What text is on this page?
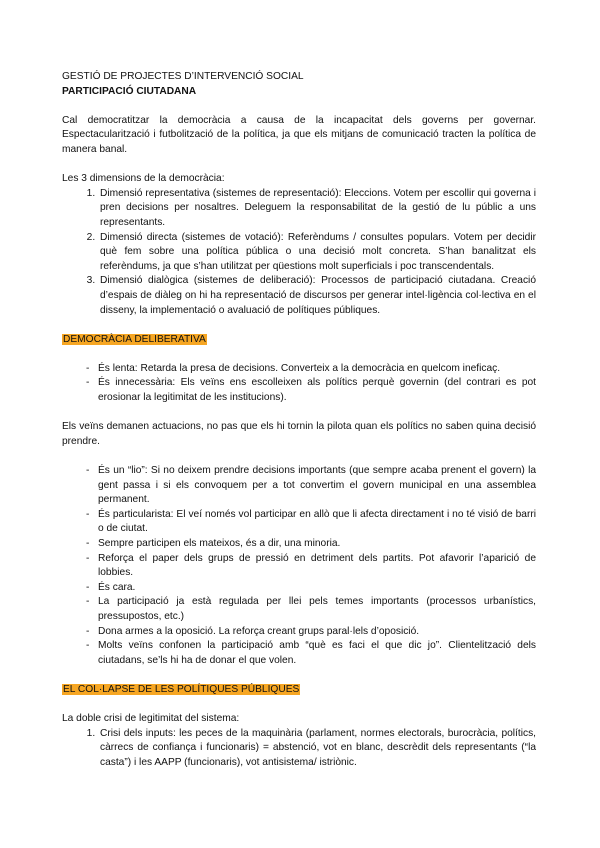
GESTIÓ DE PROJECTES D’INTERVENCIÓ SOCIAL

PARTICIPACIÓ CIUTADANA

Cal democratitzar la democràcia a causa de la incapacitat dels governs per governar. Espectacularització i futbolització de la política, ja que els mitjans de comunicació tracten la política de manera banal.

Les 3 dimensions de la democràcia:

1. Dimensió representativa (sistemes de representació): Eleccions. Votem per escollir qui governa i pren decisions per nosaltres. Deleguem la responsabilitat de la gestió de lu públic a uns representants.
2. Dimensió directa (sistemes de votació): Referèndums / consultes populars. Votem per decidir què fem sobre una política pública o una decisió molt concreta. S’han banalitzat els referèndums, ja que s’han utilitzat per qüestions molt superficials i poc transcendentals.
3. Dimensió dialògica (sistemes de deliberació): Processos de participació ciutadana. Creació d’espais de diàleg on hi ha representació de discursos per generar intel·ligència col·lectiva en el disseny, la implementació o avaluació de polítiques públiques.

DEMOCRÀCIA DELIBERATIVA

- És lenta: Retarda la presa de decisions. Converteix a la democràcia en quelcom ineficaç.
- És innecessària: Els veïns ens escolleixen als polítics perquè governin (del contrari es pot erosionar la legitimitat de les institucions).

Els veïns demanen actuacions, no pas que els hi tornin la pilota quan els polítics no saben quina decisió prendre.

- És un “lio”: Si no deixem prendre decisions importants (que sempre acaba prenent el govern) la gent passa i si els convoquem per a tot convertim el govern municipal en una assemblea permanent.
- És particularista: El veí només vol participar en allò que li afecta directament i no té visió de barri o de ciutat.
- Sempre participen els mateixos, és a dir, una minoria.
- Reforça el paper dels grups de pressió en detriment dels partits. Pot afavorir l’aparició de lobbies.
- És cara.
- La participació ja està regulada per llei pels temes importants (processos urbanístics, pressupostos, etc.)
- Dona armes a la oposició. La reforça creant grups paral·lels d’oposició.
- Molts veïns confonen la participació amb “què es faci el que dic jo”. Clientelització dels ciutadans, se’ls hi ha de donar el que volen.

EL COL·LAPSE DE LES POLÍTIQUES PÚBLIQUES

La doble crisi de legitimitat del sistema:

1. Crisi dels inputs: les peces de la maquinària (parlament, normes electorals, burocràcia, polítics, càrrecs de confiança i funcionaris) = abstenció, vot en blanc, descrèdit dels representants (“la casta”) i les AAPP (funcionaris), vot antisistema/ istriònic.
